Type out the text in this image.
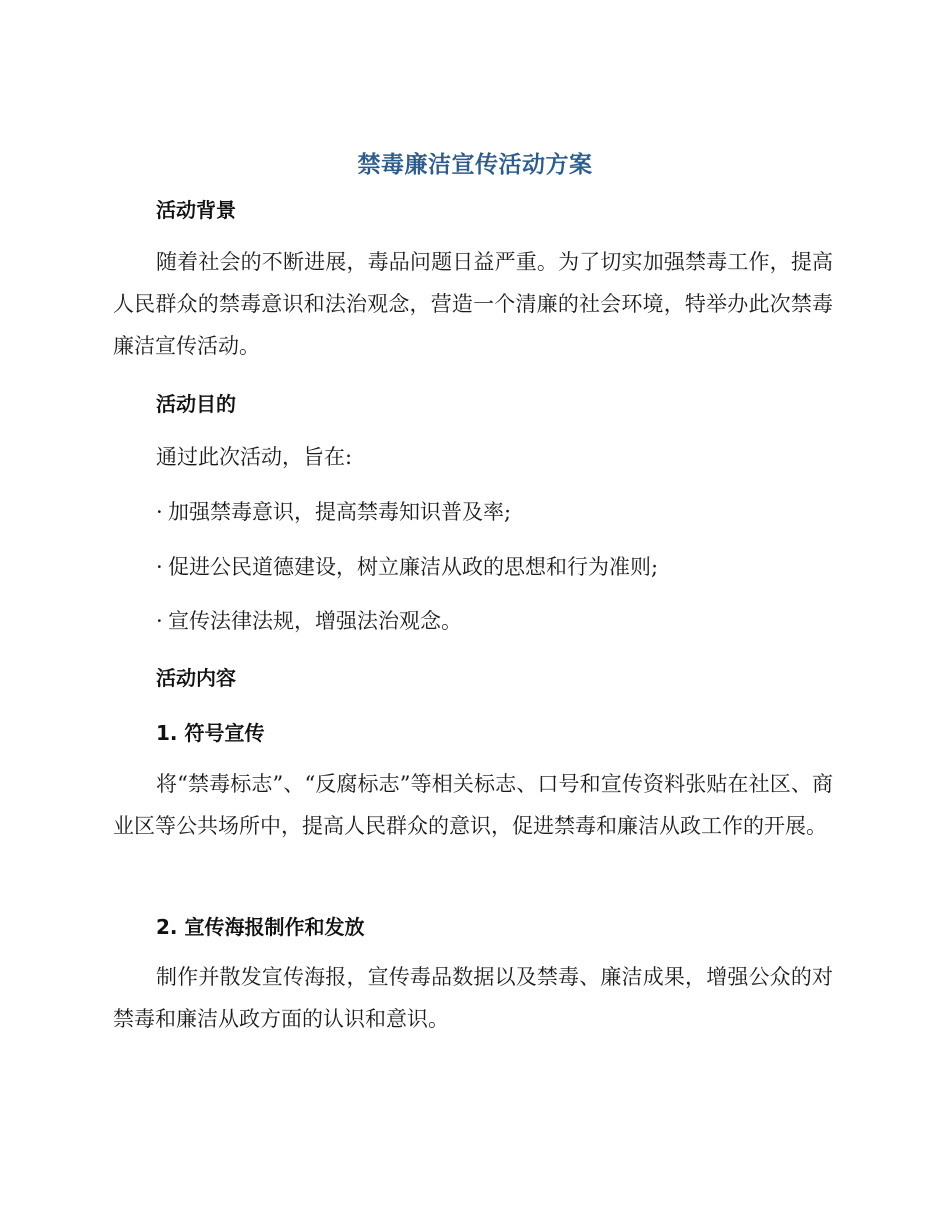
禁毒廉洁宣传活动方案
活动背景
随着社会的不断进展，毒品问题日益严重。为了切实加强禁毒工作，提高人民群众的禁毒意识和法治观念，营造一个清廉的社会环境，特举办此次禁毒廉洁宣传活动。
活动目的
通过此次活动，旨在:
· 加强禁毒意识，提高禁毒知识普及率;
· 促进公民道德建设，树立廉洁从政的思想和行为准则;
· 宣传法律法规，增强法治观念。
活动内容
1. 符号宣传
将“禁毒标志”、“反腐标志”等相关标志、口号和宣传资料张贴在社区、商业区等公共场所中，提高人民群众的意识，促进禁毒和廉洁从政工作的开展。
2. 宣传海报制作和发放
制作并散发宣传海报，宣传毒品数据以及禁毒、廉洁成果，增强公众的对禁毒和廉洁从政方面的认识和意识。
